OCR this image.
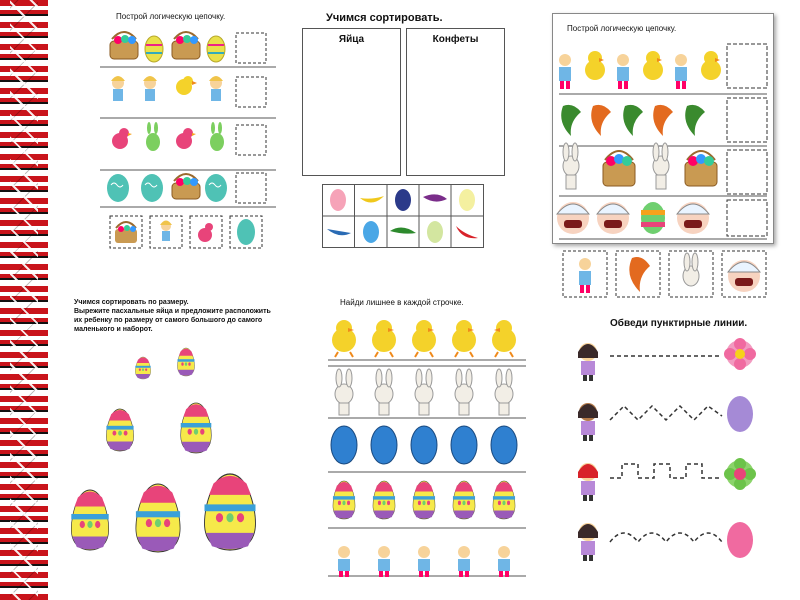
Построй логическую цепочку.	Учимся сортировать.
Яйца	Конфеты
Построй логическую цепочку.
Учимся сортировать по размеру.
Вырежите пасхальные яйца и предложите расположить
их ребенку по размеру от самого большого до самого
маленького и наборот.
Найди лишнее в каждой строчке.
Обведи пунктирные линии.
